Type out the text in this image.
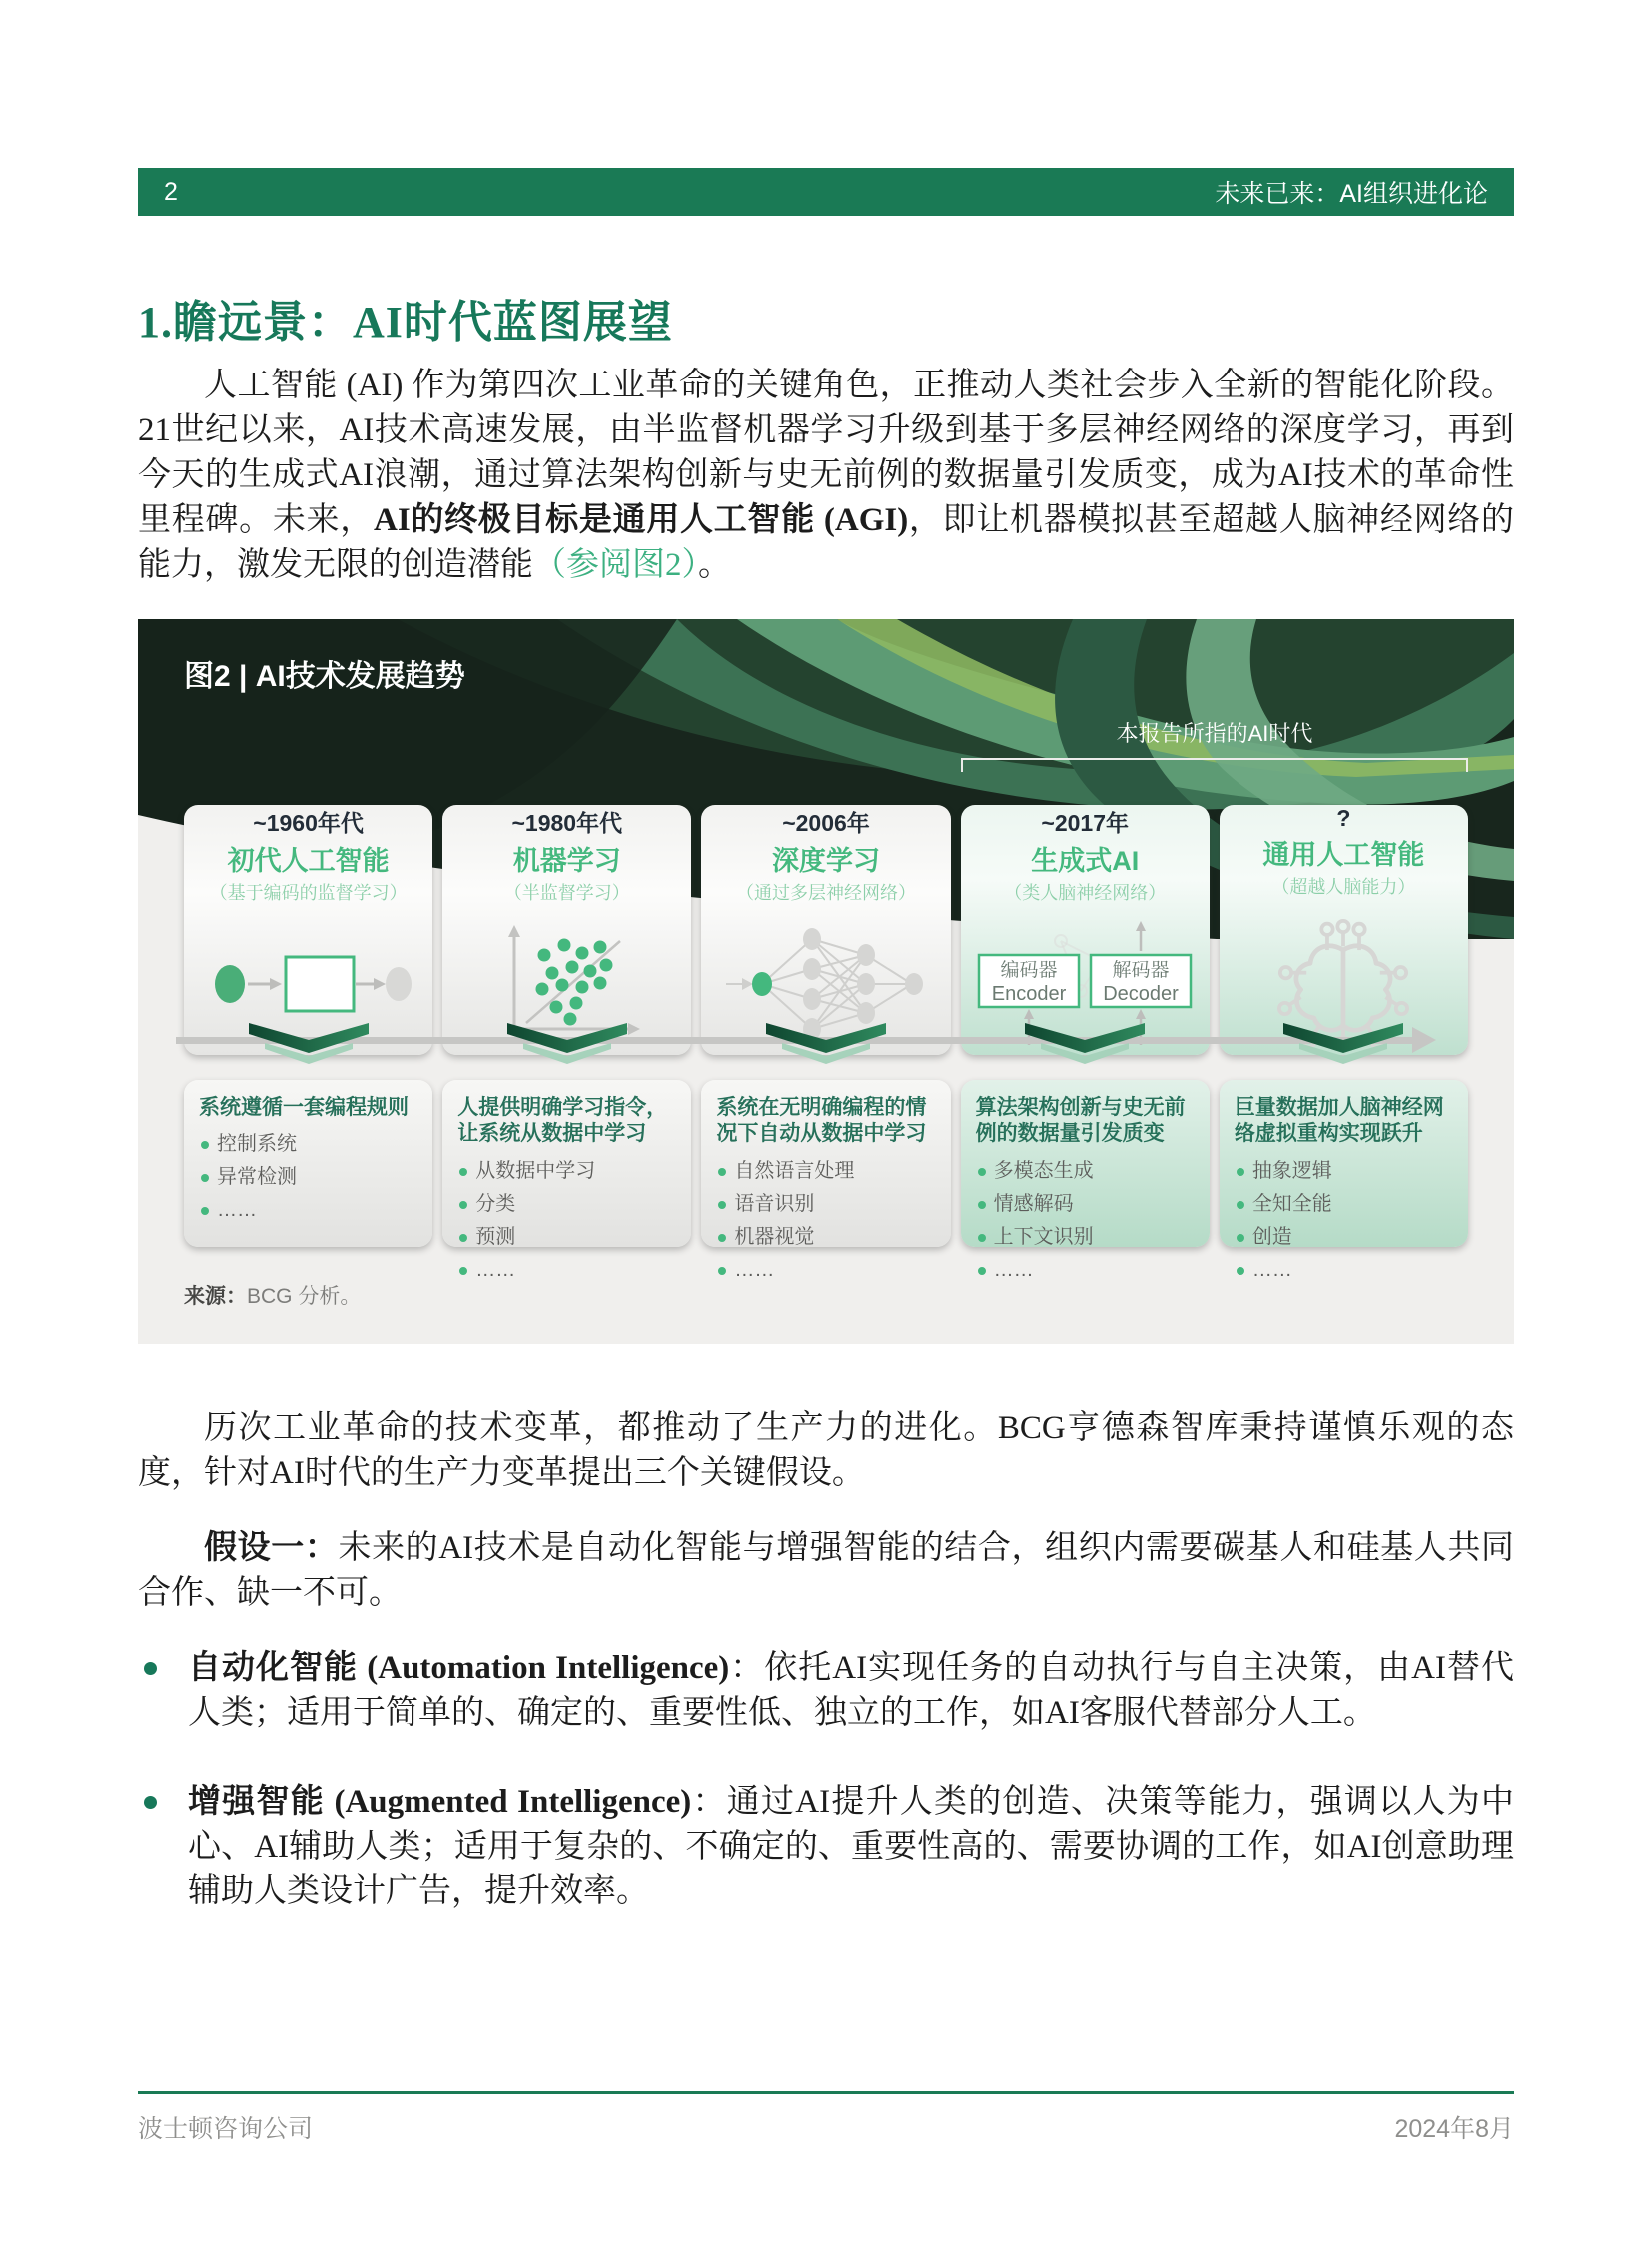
2	未来已来：AI组织进化论
1.瞻远景：AI时代蓝图展望
人工智能 (AI) 作为第四次工业革命的关键角色，正推动人类社会步入全新的智能化阶段。21世纪以来，AI技术高速发展，由半监督机器学习升级到基于多层神经网络的深度学习，再到今天的生成式AI浪潮，通过算法架构创新与史无前例的数据量引发质变，成为AI技术的革命性里程碑。未来，AI的终极目标是通用人工智能 (AGI)，即让机器模拟甚至超越人脑神经网络的能力，激发无限的创造潜能（参阅图2）。
图2 | AI技术发展趋势
本报告所指的AI时代
~1960年代
初代人工智能
（基于编码的监督学习）
系统遵循一套编程规则
控制系统
异常检测
……
~1980年代
机器学习
（半监督学习）
人提供明确学习指令，让系统从数据中学习
从数据中学习
分类
预测
……
~2006年
深度学习
（通过多层神经网络）
系统在无明确编程的情况下自动从数据中学习
自然语言处理
语音识别
机器视觉
……
~2017年
生成式AI
（类人脑神经网络）
编码器
Encoder
解码器
Decoder
算法架构创新与史无前例的数据量引发质变
多模态生成
情感解码
上下文识别
……
?
通用人工智能
（超越人脑能力）
巨量数据加人脑神经网络虚拟重构实现跃升
抽象逻辑
全知全能
创造
……
来源：BCG 分析。
历次工业革命的技术变革，都推动了生产力的进化。BCG亨德森智库秉持谨慎乐观的态度，针对AI时代的生产力变革提出三个关键假设。
假设一：未来的AI技术是自动化智能与增强智能的结合，组织内需要碳基人和硅基人共同合作、缺一不可。
自动化智能 (Automation Intelligence)：依托AI实现任务的自动执行与自主决策，由AI替代人类；适用于简单的、确定的、重要性低、独立的工作，如AI客服代替部分人工。
增强智能 (Augmented Intelligence)：通过AI提升人类的创造、决策等能力，强调以人为中心、AI辅助人类；适用于复杂的、不确定的、重要性高的、需要协调的工作，如AI创意助理辅助人类设计广告，提升效率。
波士顿咨询公司	2024年8月
